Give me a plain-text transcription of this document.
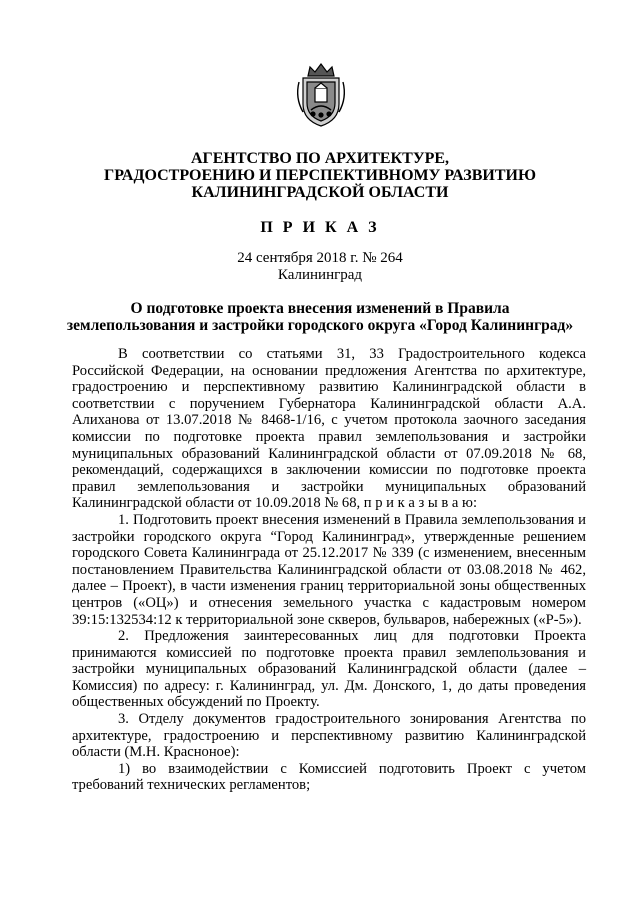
АГЕНТСТВО ПО АРХИТЕКТУРЕ,
ГРАДОСТРОЕНИЮ И ПЕРСПЕКТИВНОМУ РАЗВИТИЮ
КАЛИНИНГРАДСКОЙ ОБЛАСТИ
П Р И К А З
24 сентября 2018 г. № 264
Калининград
О подготовке проекта внесения изменений в Правила
землепользования и застройки городского округа «Город Калининград»

В соответствии со статьями 31, 33 Градостроительного кодекса Российской Федерации, на основании предложения Агентства по архитектуре, градостроению и перспективному развитию Калининградской области в соответствии с поручением Губернатора Калининградской области А.А. Алиханова от 13.07.2018 № 8468-1/16, с учетом протокола заочного заседания комиссии по подготовке проекта правил землепользования и застройки муниципальных образований Калининградской области от 07.09.2018 № 68, рекомендаций, содержащихся в заключении комиссии по подготовке проекта правил землепользования и застройки муниципальных образований Калининградской области от 10.09.2018 № 68, п р и к а з ы в а ю:

1. Подготовить проект внесения изменений в Правила землепользования и застройки городского округа “Город Калининград», утвержденные решением городского Совета Калининграда от 25.12.2017 № 339 (с изменением, внесенным постановлением Правительства Калининградской области от 03.08.2018 № 462, далее – Проект), в части изменения границ территориальной зоны общественных центров («ОЦ») и отнесения земельного участка с кадастровым номером 39:15:132534:12 к территориальной зоне скверов, бульваров, набережных («Р-5»).

2. Предложения заинтересованных лиц для подготовки Проекта принимаются комиссией по подготовке проекта правил землепользования и застройки муниципальных образований Калининградской области (далее – Комиссия) по адресу: г. Калининград, ул. Дм. Донского, 1, до даты проведения общественных обсуждений по Проекту.

3. Отделу документов градостроительного зонирования Агентства по архитектуре, градостроению и перспективному развитию Калининградской области (М.Н. Красноное):

1) во взаимодействии с Комиссией подготовить Проект с учетом требований технических регламентов;
